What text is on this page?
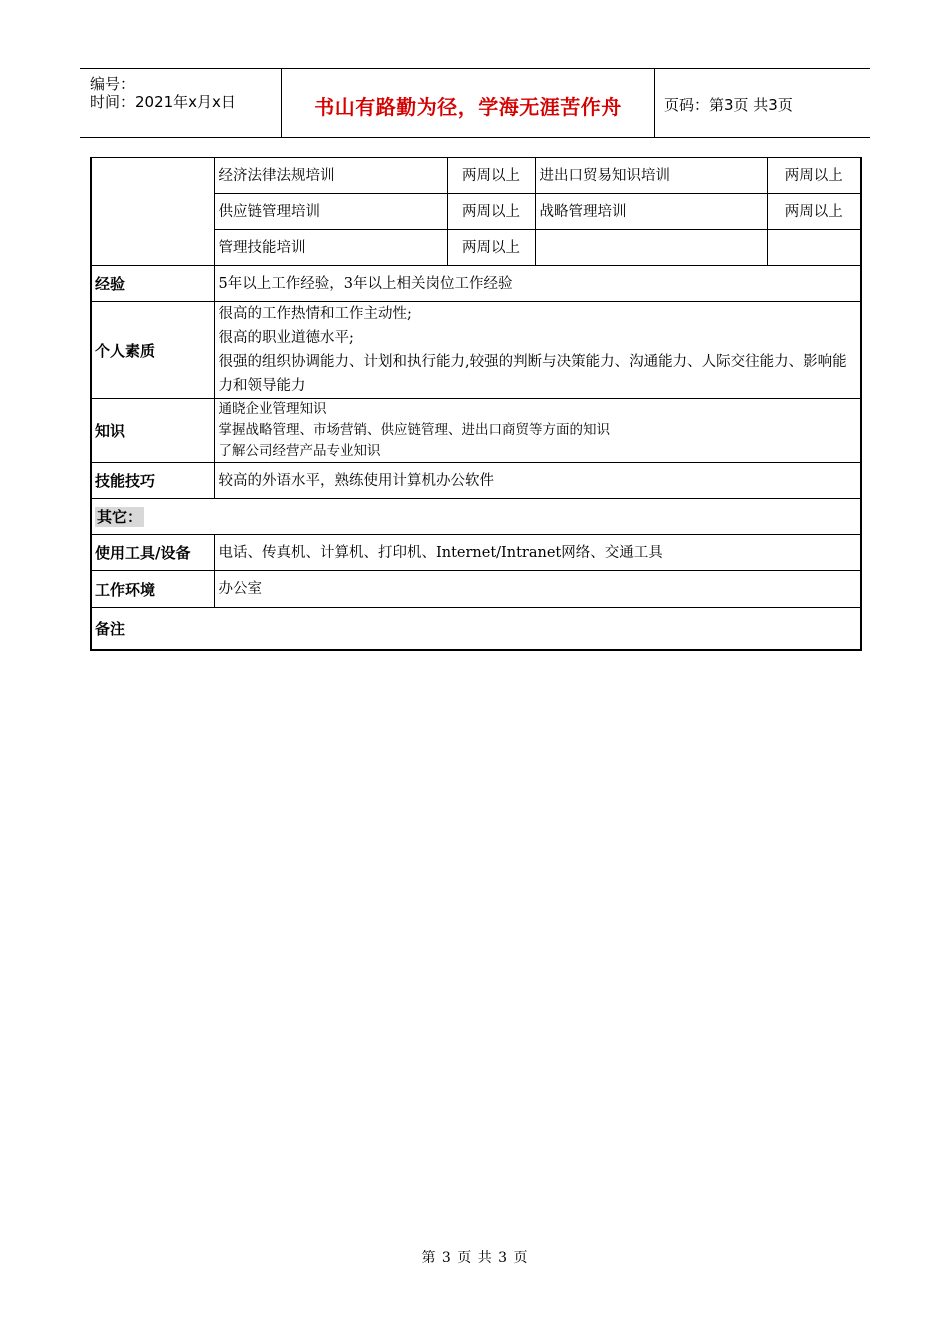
编号：
时间：2021年x月x日	书山有路勤为径，学海无涯苦作舟	页码：第3页 共3页
	经济法律法规培训	两周以上	进出口贸易知识培训	两周以上
	供应链管理培训	两周以上	战略管理培训	两周以上
	管理技能培训	两周以上		
经验	5年以上工作经验，3年以上相关岗位工作经验			
个人素质	很高的工作热情和工作主动性;
很高的职业道德水平;
很强的组织协调能力、计划和执行能力,较强的判断与决策能力、沟通能力、人际交往能力、影响能力和领导能力			

知识	通晓企业管理知识
掌握战略管理、市场营销、供应链管理、进出口商贸等方面的知识
了解公司经营产品专业知识			

技能技巧	较高的外语水平，熟练使用计算机办公软件			
其它：				
使用工具/设备	电话、传真机、计算机、打印机、Internet/Intranet网络、交通工具			
工作环境	办公室			
备注				
第 3 页 共 3 页
